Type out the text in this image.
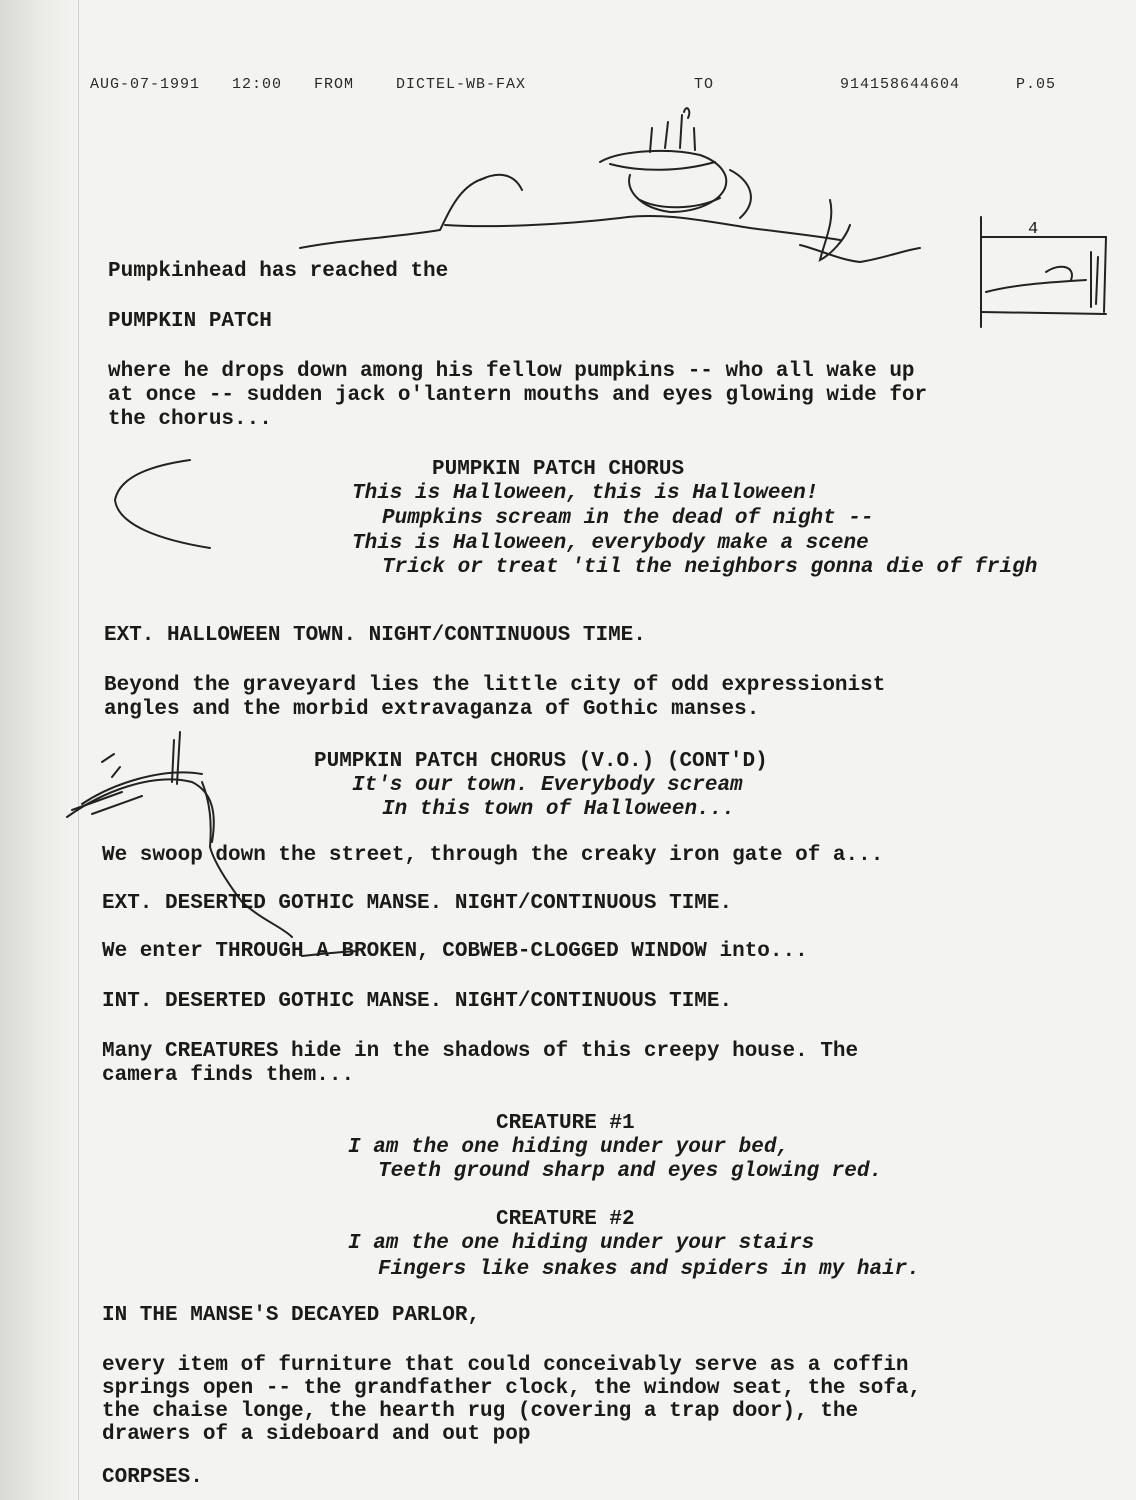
AUG-07-1991 12:00 FROM	DICTEL-WB-FAX	TO	914158644604	P.05
4
Pumpkinhead has reached the
PUMPKIN PATCH
where he drops down among his fellow pumpkins -- who all wake up
at once -- sudden jack o'lantern mouths and eyes glowing wide for
the chorus...
PUMPKIN PATCH CHORUS
This is Halloween, this is Halloween!
Pumpkins scream in the dead of night --
This is Halloween, everybody make a scene
Trick or treat 'til the neighbors gonna die of frigh
EXT. HALLOWEEN TOWN. NIGHT/CONTINUOUS TIME.
Beyond the graveyard lies the little city of odd expressionist
angles and the morbid extravaganza of Gothic manses.
PUMPKIN PATCH CHORUS (V.O.) (CONT'D)
It's our town. Everybody scream
In this town of Halloween...
We swoop down the street, through the creaky iron gate of a...
EXT. DESERTED GOTHIC MANSE. NIGHT/CONTINUOUS TIME.
We enter THROUGH A BROKEN, COBWEB-CLOGGED WINDOW into...
INT. DESERTED GOTHIC MANSE. NIGHT/CONTINUOUS TIME.
Many CREATURES hide in the shadows of this creepy house. The
camera finds them...
CREATURE #1
I am the one hiding under your bed,
Teeth ground sharp and eyes glowing red.
CREATURE #2
I am the one hiding under your stairs
Fingers like snakes and spiders in my hair.
IN THE MANSE'S DECAYED PARLOR,
every item of furniture that could conceivably serve as a coffin
springs open -- the grandfather clock, the window seat, the sofa,
the chaise longe, the hearth rug (covering a trap door), the
drawers of a sideboard and out pop
CORPSES.
